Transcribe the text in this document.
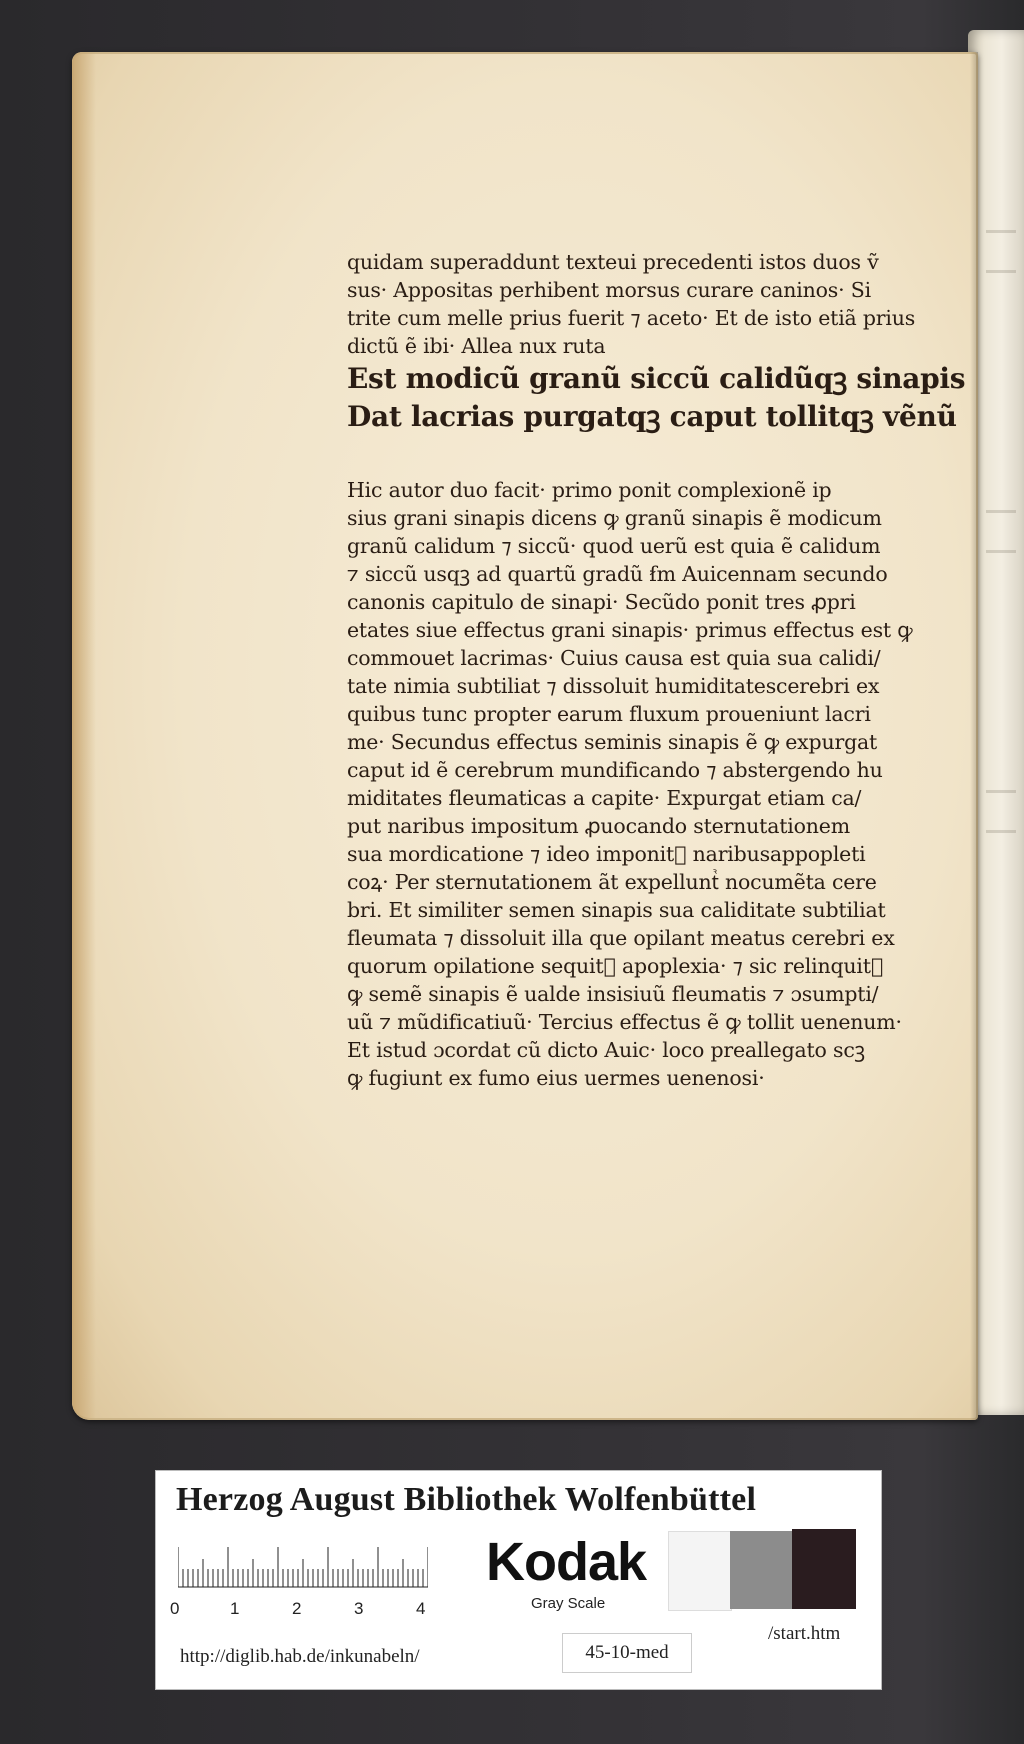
quidam superaddunt texteui precedenti istos duos ṽ
sus· Appositas perhibent morsus curare caninos· Si
trite cum melle prius fuerit ⁊ aceto· Et de isto etiã prius
dictũ ẽ ibi· Allea nux ruta
Est modicũ granũ siccũ calidũqꝫ sinapis
Dat lacrias purgatqꝫ caput tollitqꝫ vẽnũ
Hic autor duo facit· primo ponit complexionẽ ip
sius grani sinapis dicens ꝙ granũ sinapis ẽ modicum
granũ calidum ⁊ siccũ· quod uerũ est quia ẽ calidum
⁊ siccũ usqꝫ ad quartũ gradũ ẜm Auicennam secundo
canonis capitulo de sinapi· Secũdo ponit tres ꝓpri
etates siue effectus grani sinapis· primus effectus est ꝙ
commouet lacrimas· Cuius causa est quia sua calidi/
tate nimia subtiliat ⁊ dissoluit humiditatescerebri ex
quibus tunc propter earum fluxum proueniunt lacri
me· Secundus effectus seminis sinapis ẽ ꝙ expurgat
caput id ẽ cerebrum mundificando ⁊ abstergendo hu
miditates fleumaticas a capite· Expurgat etiam ca/
put naribus impositum ꝓuocando sternutationem
sua mordicatione ⁊ ideo imponitᷣ naribusappopleti
coꝝ· Per sternutationem ãt expelluntᷣ nocumẽta cere
bri. Et similiter semen sinapis sua caliditate subtiliat
fleumata ⁊ dissoluit illa que opilant meatus cerebri ex
quorum opilatione sequitᷣ apoplexia· ⁊ sic relinquitᷣ
ꝙ semẽ sinapis ẽ ualde insisiuũ fleumatis ⁊ ɔsumpti/
uũ ⁊ mũdificatiuũ· Tercius effectus ẽ ꝙ tollit uenenum·
Et istud ɔcordat cũ dicto Auic· loco preallegato scꝫ
ꝙ fugiunt ex fumo eius uermes uenenosi·
Herzog August Bibliothek Wolfenbüttel
0	1	2	3	4
Kodak
Gray Scale
http://diglib.hab.de/inkunabeln/	45-10-med
/start.htm
